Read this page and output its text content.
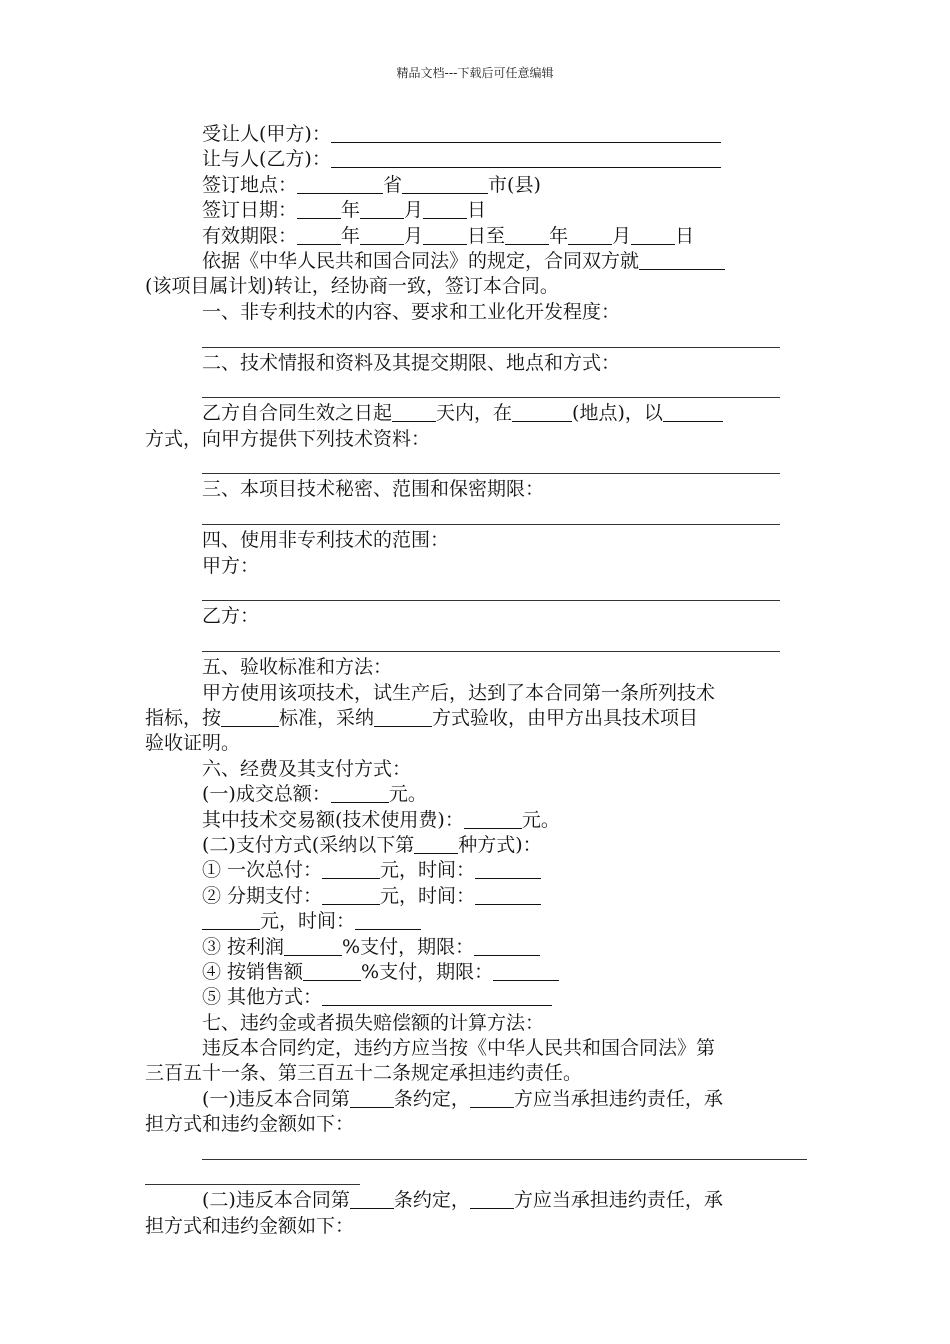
精品文档---下载后可任意编辑
受让人(甲方)：
让与人(乙方)：
签订地点：	省	市(县)
签订日期： 年 月 日
有效期限： 年 月 日至 年 月 日
依据《中华人民共和国合同法》的规定，合同双方就
(该项目属计划)转让，经协商一致，签订本合同。
一、非专利技术的内容、要求和工业化开发程度：
二、技术情报和资料及其提交期限、地点和方式：
乙方自合同生效之日起 天内，在	(地点)，以
方式，向甲方提供下列技术资料：
三、本项目技术秘密、范围和保密期限：
四、使用非专利技术的范围：
甲方：
乙方：
五、验收标准和方法：
甲方使用该项技术，试生产后，达到了本合同第一条所列技术
指标，按	标准，采纳	方式验收，由甲方出具技术项目
验收证明。
六、经费及其支付方式：
(一)成交总额：	元。
其中技术交易额(技术使用费)：	元。
(二)支付方式(采纳以下第 种方式)：
① 一次总付：	元，时间：
② 分期支付：	元，时间：
元，时间：
③ 按利润	%支付，期限：
④ 按销售额	%支付，期限：
⑤ 其他方式：
七、违约金或者损失赔偿额的计算方法：
违反本合同约定，违约方应当按《中华人民共和国合同法》第
三百五十一条、第三百五十二条规定承担违约责任。
(一)违反本合同第 条约定， 方应当承担违约责任，承
担方式和违约金额如下：
(二)违反本合同第 条约定， 方应当承担违约责任，承
担方式和违约金额如下：
